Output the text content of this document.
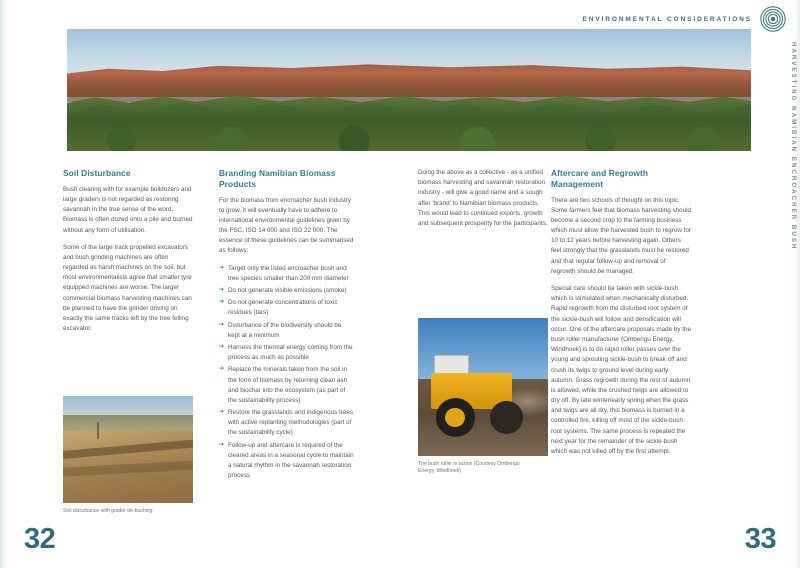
ENVIRONMENTAL CONSIDERATIONS
HARVESTING NAMIBIAN ENCROACHER BUSH
Soil Disturbance

Bush clearing with for example bulldozers and large graders is not regarded as restoring savannah in the true sense of the word. Biomass is often dozed onto a pile and burned without any form of utilisation.

Some of the large track propelled excavators and bush grinding machines are often regarded as harsh machines on the soil, but most environmentalists agree that smaller tyre equipped machines are worse. The larger commercial biomass harvesting machines can be planned to have the grinder driving on exactly the same tracks left by the tree felling excavator.

Branding Namibian Biomass Products

For the biomass from encroacher bush industry to grow, it will eventually have to adhere to international environmental guidelines given by the FSC, ISO 14 000 and ISO 22 000. The essence of these guidelines can be summarised as follows:

➔ Target only the listed encroacher bush and tree species smaller than 200 mm diameter
➔ Do not generate visible emissions (smoke)
➔ Do not generate concentrations of toxic residues (tars)
➔ Disturbance of the biodiversity should be kept at a minimum
➔ Harness the thermal energy coming from the process as much as possible
➔ Replace the minerals taken from the soil in the form of biomass by returning clean ash and biochar into the ecosystem (as part of the sustainability process)
➔ Restore the grasslands and indigenous trees with active replanting methodologies (part of the sustainability cycle)
➔ Follow-up and aftercare is required of the cleared areas in a seasonal cycle to maintain a natural rhythm in the savannah restoration process

Doing the above as a collective - as a unified biomass harvesting and savannah restoration industry - will give a good name and a sough after 'brand' to Namibian biomass products. This would lead to continued exports, growth and subsequent prosperity for the participants.

Aftercare and Regrowth Management

There are two schools of thought on this topic. Some farmers feel that biomass harvesting should become a second crop to the farming business which must allow the harvested bush to regrow for 10 to 12 years before harvesting again. Others feel strongly that the grasslands must be restored and that regular follow-up and removal of regrowth should be managed.

Special care should be taken with sickle-bush which is stimulated when mechanically disturbed. Rapid regrowth from the disturbed root system of the sickle-bush will follow and densification will occur. One of the aftercare proposals made by the bush roller manufacturer (Ombengu Energy, Windhoek) is to do rapid roller passes over the young and sprouting sickle-bush to break off and crush its twigs to ground level during early autumn. Grass regrowth during the rest of autumn is allowed, while the crushed twigs are allowed to dry off. By late winter/early spring when the grass and twigs are all dry, this biomass is burned in a controlled fire, killing off most of the sickle-bush root systems. The same process is repeated the next year for the remainder of the sickle-bush which was not killed off by the first attempt.

Soil disturbance with grader de-bushing
The bush roller in action (Courtesy Ombengu Energy, Windhoek)
32	33
